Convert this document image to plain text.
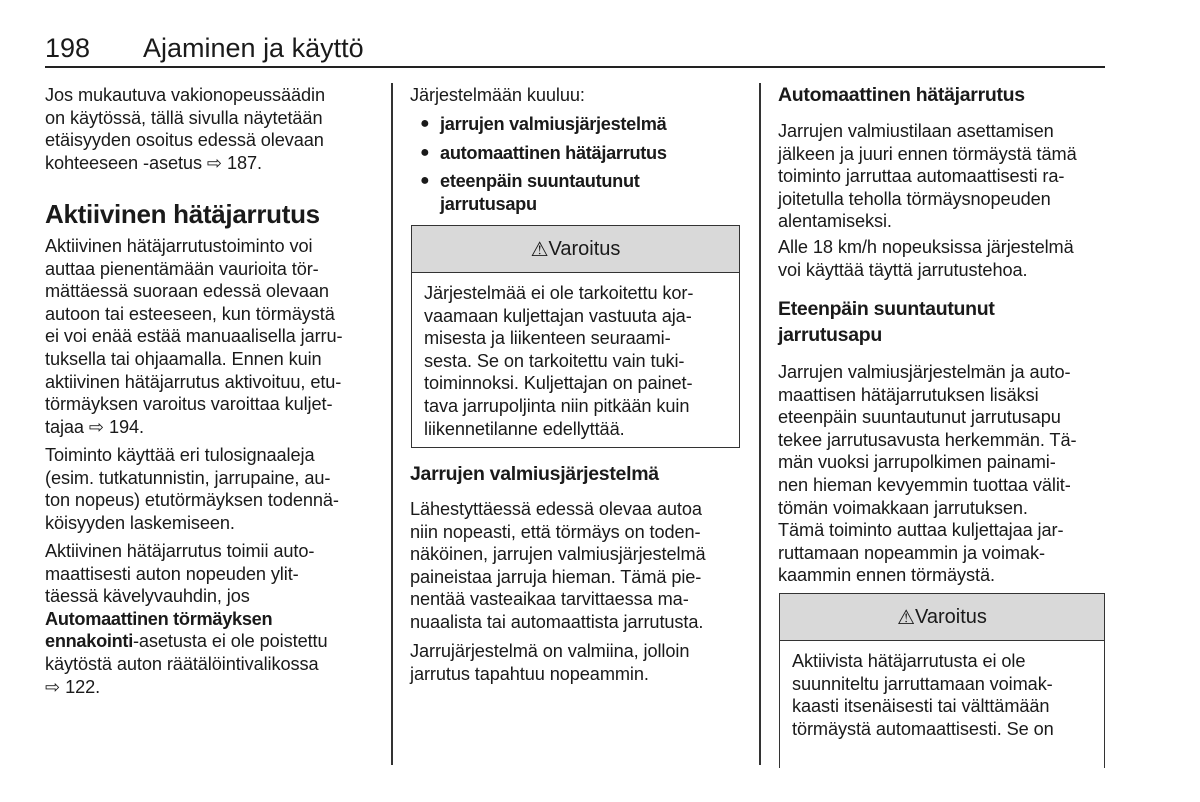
198 Ajaminen ja käyttö
Jos mukautuva vakionopeussäädin
on käytössä, tällä sivulla näytetään
etäisyyden osoitus edessä olevaan
kohteeseen -asetus ⇨ 187.
Aktiivinen hätäjarrutus
Aktiivinen hätäjarrutustoiminto voi
auttaa pienentämään vaurioita tör-
mättäessä suoraan edessä olevaan
autoon tai esteeseen, kun törmäystä
ei voi enää estää manuaalisella jarru-
tuksella tai ohjaamalla. Ennen kuin
aktiivinen hätäjarrutus aktivoituu, etu-
törmäyksen varoitus varoittaa kuljet-
tajaa ⇨ 194.
Toiminto käyttää eri tulosignaaleja
(esim. tutkatunnistin, jarrupaine, au-
ton nopeus) etutörmäyksen todennä-
köisyyden laskemiseen.
Aktiivinen hätäjarrutus toimii auto-
maattisesti auton nopeuden ylit-
täessä kävelyvauhdin, jos
Automaattinen törmäyksen
ennakointi-asetusta ei ole poistettu
käytöstä auton räätälöintivalikossa
⇨ 122.
Järjestelmään kuuluu:
● jarrujen valmiusjärjestelmä
● automaattinen hätäjarrutus
● eteenpäin suuntautunut
jarrutusapu
⚠ Varoitus
Järjestelmää ei ole tarkoitettu kor-
vaamaan kuljettajan vastuuta aja-
misesta ja liikenteen seuraami-
sesta. Se on tarkoitettu vain tuki-
toiminnoksi. Kuljettajan on painet-
tava jarrupoljinta niin pitkään kuin
liikennetilanne edellyttää.
Jarrujen valmiusjärjestelmä
Lähestyttäessä edessä olevaa autoa
niin nopeasti, että törmäys on toden-
näköinen, jarrujen valmiusjärjestelmä
paineistaa jarruja hieman. Tämä pie-
nentää vasteaikaa tarvittaessa ma-
nuaalista tai automaattista jarrutusta.
Jarrujärjestelmä on valmiina, jolloin
jarrutus tapahtuu nopeammin.
Automaattinen hätäjarrutus
Jarrujen valmiustilaan asettamisen
jälkeen ja juuri ennen törmäystä tämä
toiminto jarruttaa automaattisesti ra-
joitetulla teholla törmäysnopeuden
alentamiseksi.
Alle 18 km/h nopeuksissa järjestelmä
voi käyttää täyttä jarrutustehoa.
Eteenpäin suuntautunut
jarrutusapu
Jarrujen valmiusjärjestelmän ja auto-
maattisen hätäjarrutuksen lisäksi
eteenpäin suuntautunut jarrutusapu
tekee jarrutusavusta herkemmän. Tä-
män vuoksi jarrupolkimen painami-
nen hieman kevyemmin tuottaa välit-
tömän voimakkaan jarrutuksen.
Tämä toiminto auttaa kuljettajaa jar-
ruttamaan nopeammin ja voimak-
kaammin ennen törmäystä.
⚠ Varoitus
Aktiivista hätäjarrutusta ei ole
suunniteltu jarruttamaan voimak-
kaasti itsenäisesti tai välttämään
törmäystä automaattisesti. Se on
